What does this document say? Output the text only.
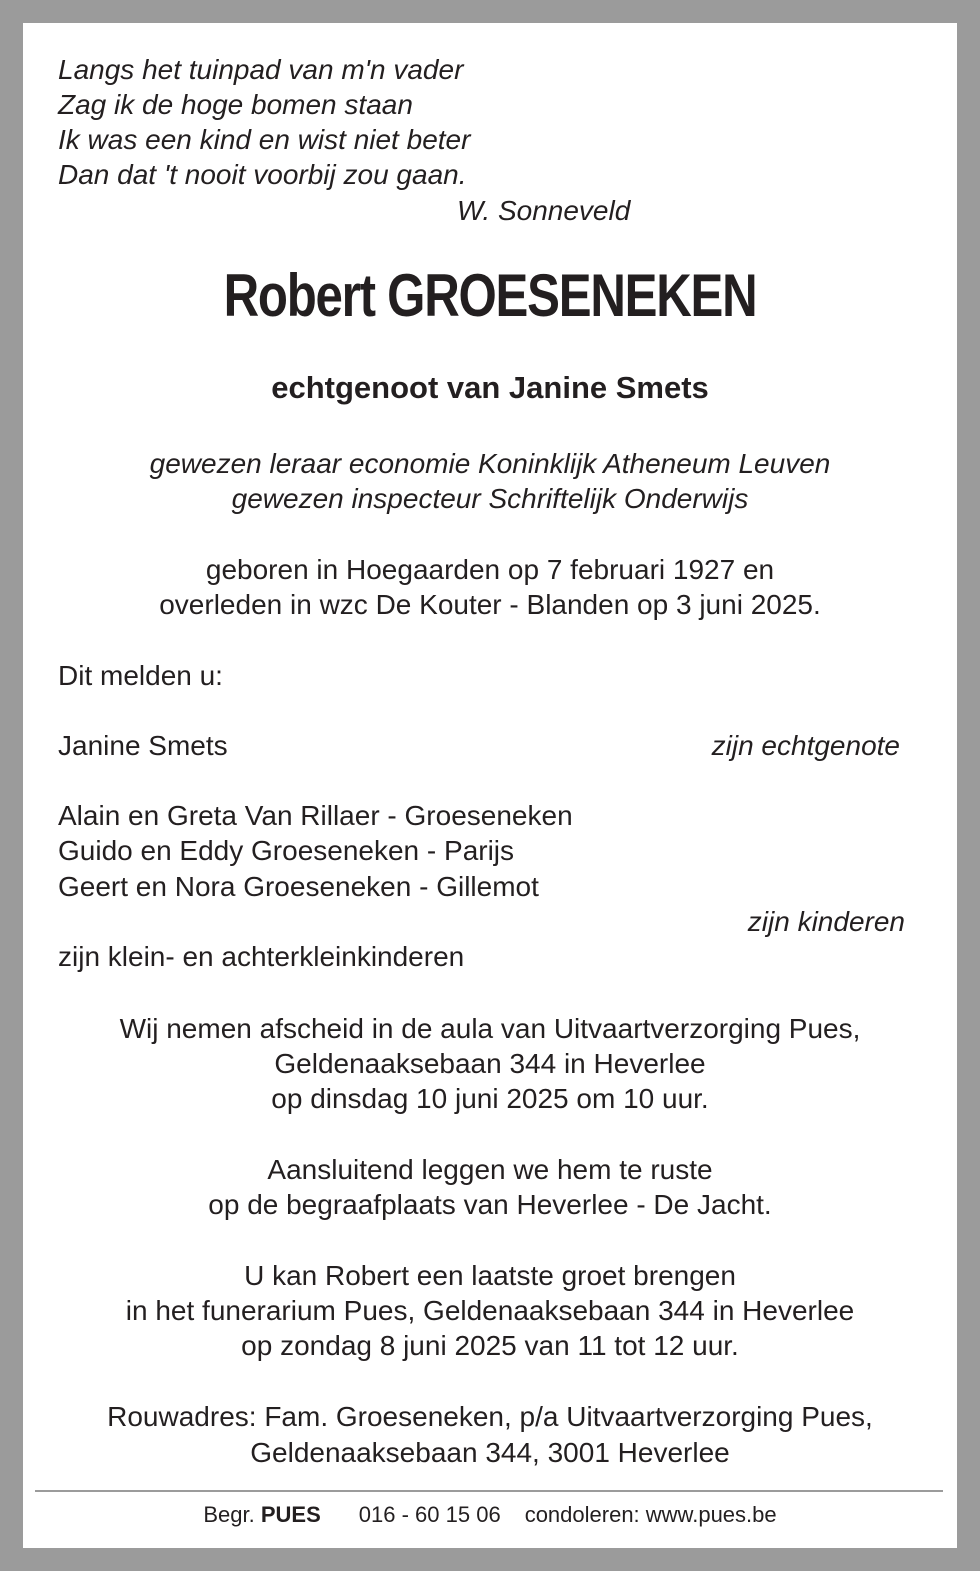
Langs het tuinpad van m'n vader

Zag ik de hoge bomen staan

Ik was een kind en wist niet beter

Dan dat 't nooit voorbij zou gaan.

W. Sonneveld

Robert GROESENEKEN

echtgenoot van Janine Smets

gewezen leraar economie Koninklijk Atheneum Leuven

gewezen inspecteur Schriftelijk Onderwijs

geboren in Hoegaarden op 7 februari 1927 en

overleden in wzc De Kouter - Blanden op 3 juni 2025.

Dit melden u:

Janine Smets	zijn echtgenote

Alain en Greta Van Rillaer - Groeseneken

Guido en Eddy Groeseneken - Parijs

Geert en Nora Groeseneken - Gillemot

zijn kinderen

zijn klein- en achterkleinkinderen

Wij nemen afscheid in de aula van Uitvaartverzorging Pues,

Geldenaaksebaan 344 in Heverlee

op dinsdag 10 juni 2025 om 10 uur.

Aansluitend leggen we hem te ruste

op de begraafplaats van Heverlee - De Jacht.

U kan Robert een laatste groet brengen

in het funerarium Pues, Geldenaaksebaan 344 in Heverlee

op zondag 8 juni 2025 van 11 tot 12 uur.

Rouwadres: Fam. Groeseneken, p/a Uitvaartverzorging Pues,

Geldenaaksebaan 344, 3001 Heverlee

Begr. PUES 016 - 60 15 06 condoleren: www.pues.be
